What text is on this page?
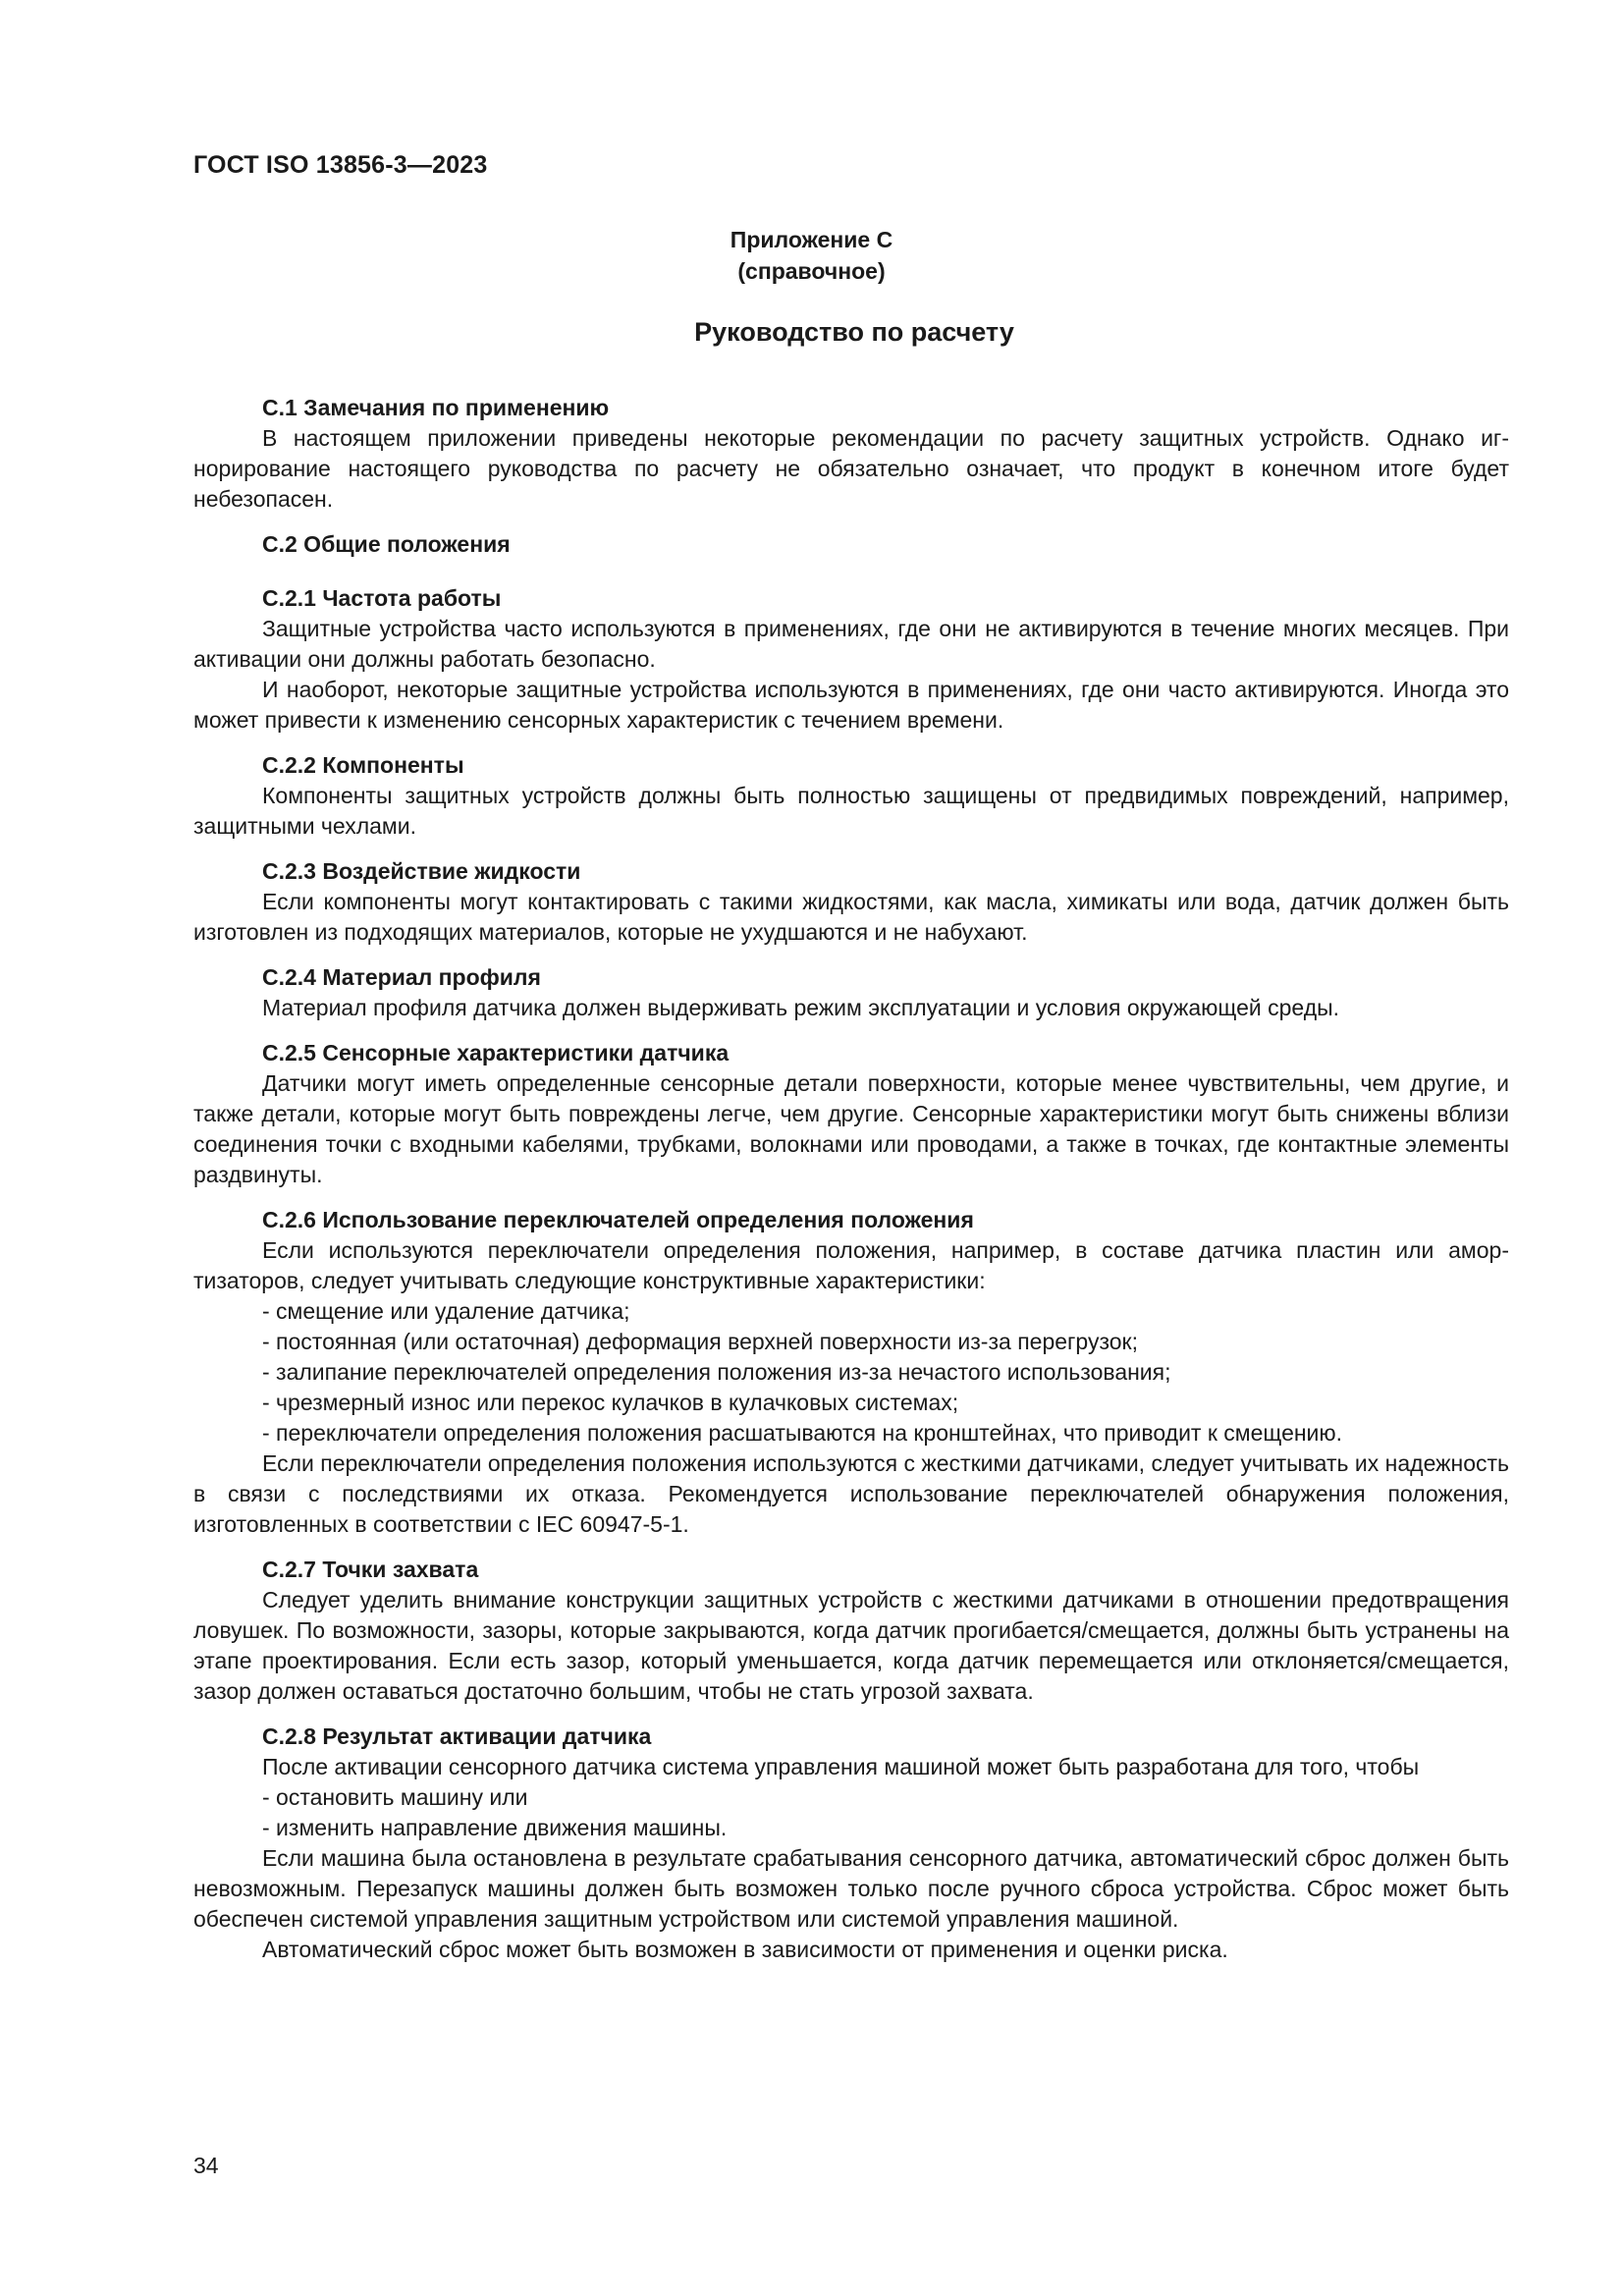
ГОСТ ISO 13856-3—2023
Приложение С
(справочное)
Руководство по расчету

С.1 Замечания по применению

В настоящем приложении приведены некоторые рекомендации по расчету защитных устройств. Однако игнорирование настоящего руководства по расчету не обязательно означает, что продукт в конечном итоге будет небезопасен.

С.2 Общие положения

С.2.1 Частота работы

Защитные устройства часто используются в применениях, где они не активируются в течение многих месяцев. При активации они должны работать безопасно.

И наоборот, некоторые защитные устройства используются в применениях, где они часто активируются. Иногда это может привести к изменению сенсорных характеристик с течением времени.

С.2.2 Компоненты

Компоненты защитных устройств должны быть полностью защищены от предвидимых повреждений, например, защитными чехлами.

С.2.3 Воздействие жидкости

Если компоненты могут контактировать с такими жидкостями, как масла, химикаты или вода, датчик должен быть изготовлен из подходящих материалов, которые не ухудшаются и не набухают.

С.2.4 Материал профиля

Материал профиля датчика должен выдерживать режим эксплуатации и условия окружающей среды.

С.2.5 Сенсорные характеристики датчика

Датчики могут иметь определенные сенсорные детали поверхности, которые менее чувствительны, чем другие, и также детали, которые могут быть повреждены легче, чем другие. Сенсорные характеристики могут быть снижены вблизи соединения точки с входными кабелями, трубками, волокнами или проводами, а также в точках, где контактные элементы раздвинуты.

С.2.6 Использование переключателей определения положения

Если используются переключатели определения положения, например, в составе датчика пластин или амортизаторов, следует учитывать следующие конструктивные характеристики:

- смещение или удаление датчика;

- постоянная (или остаточная) деформация верхней поверхности из-за перегрузок;

- залипание переключателей определения положения из-за нечастого использования;

- чрезмерный износ или перекос кулачков в кулачковых системах;

- переключатели определения положения расшатываются на кронштейнах, что приводит к смещению.

Если переключатели определения положения используются с жесткими датчиками, следует учитывать их надежность в связи с последствиями их отказа. Рекомендуется использование переключателей обнаружения положения, изготовленных в соответствии с IEC 60947-5-1.

С.2.7 Точки захвата

Следует уделить внимание конструкции защитных устройств с жесткими датчиками в отношении предотвращения ловушек. По возможности, зазоры, которые закрываются, когда датчик прогибается/смещается, должны быть устранены на этапе проектирования. Если есть зазор, который уменьшается, когда датчик перемещается или отклоняется/смещается, зазор должен оставаться достаточно большим, чтобы не стать угрозой захвата.

С.2.8 Результат активации датчика

После активации сенсорного датчика система управления машиной может быть разработана для того, чтобы

- остановить машину или

- изменить направление движения машины.

Если машина была остановлена в результате срабатывания сенсорного датчика, автоматический сброс должен быть невозможным. Перезапуск машины должен быть возможен только после ручного сброса устройства. Сброс может быть обеспечен системой управления защитным устройством или системой управления машиной.

Автоматический сброс может быть возможен в зависимости от применения и оценки риска.

34
